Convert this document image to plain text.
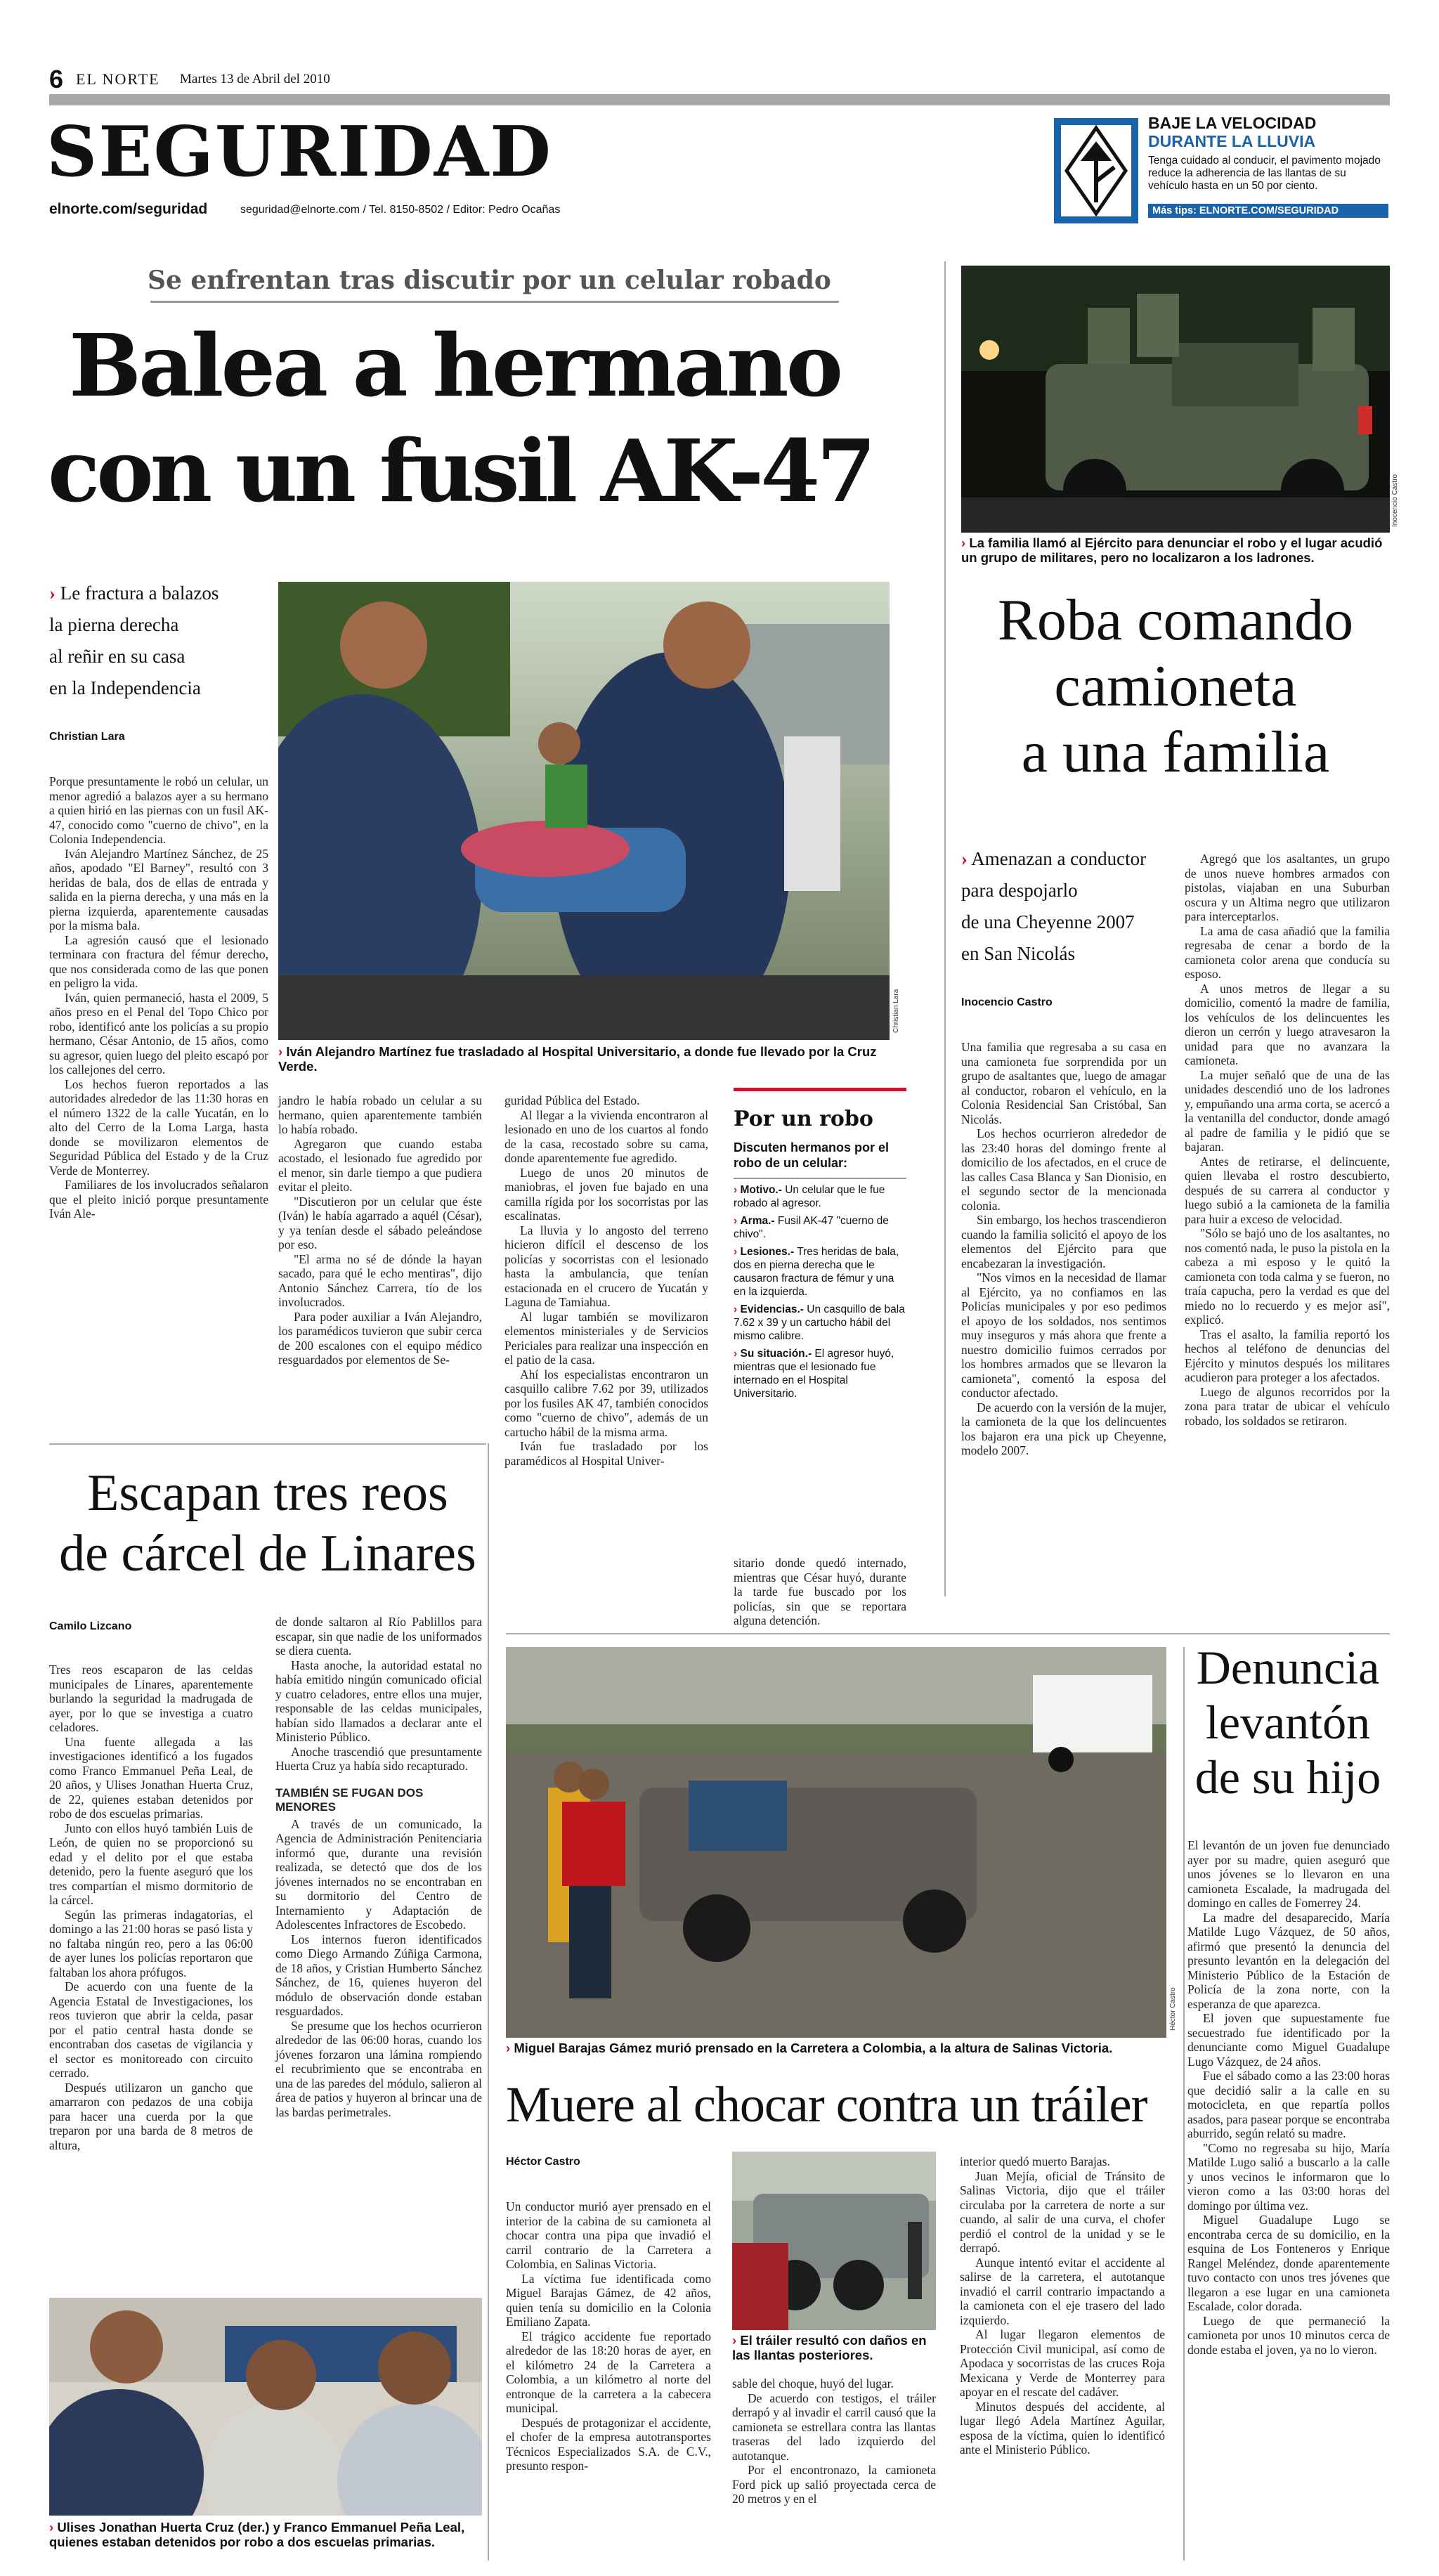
6 EL NORTE Martes 13 de Abril del 2010
SEGURIDAD
elnorte.com/seguridad	seguridad@elnorte.com / Tel. 8150-8502 / Editor: Pedro Ocañas
BAJE LA VELOCIDAD
DURANTE LA LLUVIA
Tenga cuidado al conducir, el pavimento mojado reduce la adherencia de las llantas de su vehículo hasta en un 50 por ciento.
Más tips: ELNORTE.COM/SEGURIDAD
Se enfrentan tras discutir por un celular robado
Balea a hermano
con un fusil AK-47
› Le fractura a balazos
la pierna derecha
al reñir en su casa
en la Independencia
Christian Lara

Porque presuntamente le robó un celular, un menor agredió a balazos ayer a su hermano a quien hirió en las piernas con un fusil AK-47, conocido como "cuerno de chivo", en la Colonia Independencia.

Iván Alejandro Martínez Sánchez, de 25 años, apodado "El Barney", resultó con 3 heridas de bala, dos de ellas de entrada y salida en la pierna derecha, y una más en la pierna izquierda, aparentemente causadas por la misma bala.

La agresión causó que el lesionado terminara con fractura del fémur derecho, que nos considerada como de las que ponen en peligro la vida.

Iván, quien permaneció, hasta el 2009, 5 años preso en el Penal del Topo Chico por robo, identificó ante los policías a su propio hermano, César Antonio, de 15 años, como su agresor, quien luego del pleito escapó por los callejones del cerro.

Los hechos fueron reportados a las autoridades alrededor de las 11:30 horas en el número 1322 de la calle Yucatán, en lo alto del Cerro de la Loma Larga, hasta donde se movilizaron elementos de Seguridad Pública del Estado y de la Cruz Verde de Monterrey.

Familiares de los involucrados señalaron que el pleito inició porque presuntamente Iván Ale-

Christian Lara
› Iván Alejandro Martínez fue trasladado al Hospital Universitario, a donde fue llevado por la Cruz Verde.

jandro le había robado un celular a su hermano, quien aparentemente también lo había robado.

Agregaron que cuando estaba acostado, el lesionado fue agredido por el menor, sin darle tiempo a que pudiera evitar el pleito.

"Discutieron por un celular que éste (Iván) le había agarrado a aquél (César), y ya tenían desde el sábado peleándose por eso.

"El arma no sé de dónde la hayan sacado, para qué le echo mentiras", dijo Antonio Sánchez Carrera, tío de los involucrados.

Para poder auxiliar a Iván Alejandro, los paramédicos tuvieron que subir cerca de 200 escalones con el equipo médico resguardados por elementos de Se-

guridad Pública del Estado.

Al llegar a la vivienda encontraron al lesionado en uno de los cuartos al fondo de la casa, recostado sobre su cama, donde aparentemente fue agredido.

Luego de unos 20 minutos de maniobras, el joven fue bajado en una camilla rígida por los socorristas por las escalinatas.

La lluvia y lo angosto del terreno hicieron difícil el descenso de los policías y socorristas con el lesionado hasta la ambulancia, que tenían estacionada en el crucero de Yucatán y Laguna de Tamiahua.

Al lugar también se movilizaron elementos ministeriales y de Servicios Periciales para realizar una inspección en el patio de la casa.

Ahí los especialistas encontraron un casquillo calibre 7.62 por 39, utilizados por los fusiles AK 47, también conocidos como "cuerno de chivo", además de un cartucho hábil de la misma arma.

Iván fue trasladado por los paramédicos al Hospital Univer-

Por un robo
Discuten hermanos por el robo de un celular:
› Motivo.- Un celular que le fue robado al agresor.
› Arma.- Fusil AK-47 "cuerno de chivo".
› Lesiones.- Tres heridas de bala, dos en pierna derecha que le causaron fractura de fémur y una en la izquierda.
› Evidencias.- Un casquillo de bala 7.62 x 39 y un cartucho hábil del mismo calibre.
› Su situación.- El agresor huyó, mientras que el lesionado fue internado en el Hospital Universitario.

sitario donde quedó internado, mientras que César huyó, durante la tarde fue buscado por los policías, sin que se reportara alguna detención.

Inocencio Castro
› La familia llamó al Ejército para denunciar el robo y el lugar acudió un grupo de militares, pero no localizaron a los ladrones.
Roba comando
camioneta
a una familia
› Amenazan a conductor
para despojarlo
de una Cheyenne 2007
en San Nicolás
Inocencio Castro

Una familia que regresaba a su casa en una camioneta fue sorprendida por un grupo de asaltantes que, luego de amagar al conductor, robaron el vehículo, en la Colonia Residencial San Cristóbal, San Nicolás.

Los hechos ocurrieron alrededor de las 23:40 horas del domingo frente al domicilio de los afectados, en el cruce de las calles Casa Blanca y San Dionisio, en el segundo sector de la mencionada colonia.

Sin embargo, los hechos trascendieron cuando la familia solicitó el apoyo de los elementos del Ejército para que encabezaran la investigación.

"Nos vimos en la necesidad de llamar al Ejército, ya no confiamos en las Policías municipales y por eso pedimos el apoyo de los soldados, nos sentimos muy inseguros y más ahora que frente a nuestro domicilio fuimos cerrados por los hombres armados que se llevaron la camioneta", comentó la esposa del conductor afectado.

De acuerdo con la versión de la mujer, la camioneta de la que los delincuentes los bajaron era una pick up Cheyenne, modelo 2007.

Agregó que los asaltantes, un grupo de unos nueve hombres armados con pistolas, viajaban en una Suburban oscura y un Altima negro que utilizaron para interceptarlos.

La ama de casa añadió que la familia regresaba de cenar a bordo de la camioneta color arena que conducía su esposo.

A unos metros de llegar a su domicilio, comentó la madre de familia, los vehículos de los delincuentes les dieron un cerrón y luego atravesaron la unidad para que no avanzara la camioneta.

La mujer señaló que de una de las unidades descendió uno de los ladrones y, empuñando una arma corta, se acercó a la ventanilla del conductor, donde amagó al padre de familia y le pidió que se bajaran.

Antes de retirarse, el delincuente, quien llevaba el rostro descubierto, después de su carrera al conductor y luego subió a la camioneta de la familia para huir a exceso de velocidad.

"Sólo se bajó uno de los asaltantes, no nos comentó nada, le puso la pistola en la cabeza a mi esposo y le quitó la camioneta con toda calma y se fueron, no traía capucha, pero la verdad es que del miedo no lo recuerdo y es mejor así", explicó.

Tras el asalto, la familia reportó los hechos al teléfono de denuncias del Ejército y minutos después los militares acudieron para proteger a los afectados.

Luego de algunos recorridos por la zona para tratar de ubicar el vehículo robado, los soldados se retiraron.

Escapan tres reos
de cárcel de Linares
Camilo Lizcano

Tres reos escaparon de las celdas municipales de Linares, aparentemente burlando la seguridad la madrugada de ayer, por lo que se investiga a cuatro celadores.

Una fuente allegada a las investigaciones identificó a los fugados como Franco Emmanuel Peña Leal, de 20 años, y Ulises Jonathan Huerta Cruz, de 22, quienes estaban detenidos por robo de dos escuelas primarias.

Junto con ellos huyó también Luis de León, de quien no se proporcionó su edad y el delito por el que estaba detenido, pero la fuente aseguró que los tres compartían el mismo dormitorio de la cárcel.

Según las primeras indagatorias, el domingo a las 21:00 horas se pasó lista y no faltaba ningún reo, pero a las 06:00 de ayer lunes los policías reportaron que faltaban los ahora prófugos.

De acuerdo con una fuente de la Agencia Estatal de Investigaciones, los reos tuvieron que abrir la celda, pasar por el patio central hasta donde se encontraban dos casetas de vigilancia y el sector es monitoreado con circuito cerrado.

Después utilizaron un gancho que amarraron con pedazos de una cobija para hacer una cuerda por la que treparon por una barda de 8 metros de altura,

de donde saltaron al Río Pablillos para escapar, sin que nadie de los uniformados se diera cuenta.

Hasta anoche, la autoridad estatal no había emitido ningún comunicado oficial y cuatro celadores, entre ellos una mujer, responsable de las celdas municipales, habían sido llamados a declarar ante el Ministerio Público.

Anoche trascendió que presuntamente Huerta Cruz ya había sido recapturado.

TAMBIÉN SE FUGAN DOS MENORES

A través de un comunicado, la Agencia de Administración Penitenciaria informó que, durante una revisión realizada, se detectó que dos de los jóvenes internados no se encontraban en su dormitorio del Centro de Internamiento y Adaptación de Adolescentes Infractores de Escobedo.

Los internos fueron identificados como Diego Armando Zúñiga Carmona, de 18 años, y Cristian Humberto Sánchez Sánchez, de 16, quienes huyeron del módulo de observación donde estaban resguardados.

Se presume que los hechos ocurrieron alrededor de las 06:00 horas, cuando los jóvenes forzaron una lámina rompiendo el recubrimiento que se encontraba en una de las paredes del módulo, salieron al área de patios y huyeron al brincar una de las bardas perimetrales.

› Ulises Jonathan Huerta Cruz (der.) y Franco Emmanuel Peña Leal, quienes estaban detenidos por robo a dos escuelas primarias.
Héctor Castro
› Miguel Barajas Gámez murió prensado en la Carretera a Colombia, a la altura de Salinas Victoria.
Muere al chocar contra un tráiler
Héctor Castro

Un conductor murió ayer prensado en el interior de la cabina de su camioneta al chocar contra una pipa que invadió el carril contrario de la Carretera a Colombia, en Salinas Victoria.

La víctima fue identificada como Miguel Barajas Gámez, de 42 años, quien tenía su domicilio en la Colonia Emiliano Zapata.

El trágico accidente fue reportado alrededor de las 18:20 horas de ayer, en el kilómetro 24 de la Carretera a Colombia, a un kilómetro al norte del entronque de la carretera a la cabecera municipal.

Después de protagonizar el accidente, el chofer de la empresa autotransportes Técnicos Especializados S.A. de C.V., presunto respon-

› El tráiler resultó con daños en las llantas posteriores.

sable del choque, huyó del lugar.

De acuerdo con testigos, el tráiler derrapó y al invadir el carril causó que la camioneta se estrellara contra las llantas traseras del lado izquierdo del autotanque.

Por el encontronazo, la camioneta Ford pick up salió proyectada cerca de 20 metros y en el

interior quedó muerto Barajas.

Juan Mejía, oficial de Tránsito de Salinas Victoria, dijo que el tráiler circulaba por la carretera de norte a sur cuando, al salir de una curva, el chofer perdió el control de la unidad y se le derrapó.

Aunque intentó evitar el accidente al salirse de la carretera, el autotanque invadió el carril contrario impactando a la camioneta con el eje trasero del lado izquierdo.

Al lugar llegaron elementos de Protección Civil municipal, así como de Apodaca y socorristas de las cruces Roja Mexicana y Verde de Monterrey para apoyar en el rescate del cadáver.

Minutos después del accidente, al lugar llegó Adela Martínez Aguilar, esposa de la víctima, quien lo identificó ante el Ministerio Público.

Denuncia
levantón
de su hijo

El levantón de un joven fue denunciado ayer por su madre, quien aseguró que unos jóvenes se lo llevaron en una camioneta Escalade, la madrugada del domingo en calles de Fomerrey 24.

La madre del desaparecido, María Matilde Lugo Vázquez, de 50 años, afirmó que presentó la denuncia del presunto levantón en la delegación del Ministerio Público de la Estación de Policía de la zona norte, con la esperanza de que aparezca.

El joven que supuestamente fue secuestrado fue identificado por la denunciante como Miguel Guadalupe Lugo Vázquez, de 24 años.

Fue el sábado como a las 23:00 horas que decidió salir a la calle en su motocicleta, en que repartía pollos asados, para pasear porque se encontraba aburrido, según relató su madre.

"Como no regresaba su hijo, María Matilde Lugo salió a buscarlo a la calle y unos vecinos le informaron que lo vieron como a las 03:00 horas del domingo por última vez.

Miguel Guadalupe Lugo se encontraba cerca de su domicilio, en la esquina de Los Fonteneros y Enrique Rangel Meléndez, donde aparentemente tuvo contacto con unos tres jóvenes que llegaron a ese lugar en una camioneta Escalade, color dorada.

Luego de que permaneció la camioneta por unos 10 minutos cerca de donde estaba el joven, ya no lo vieron.
